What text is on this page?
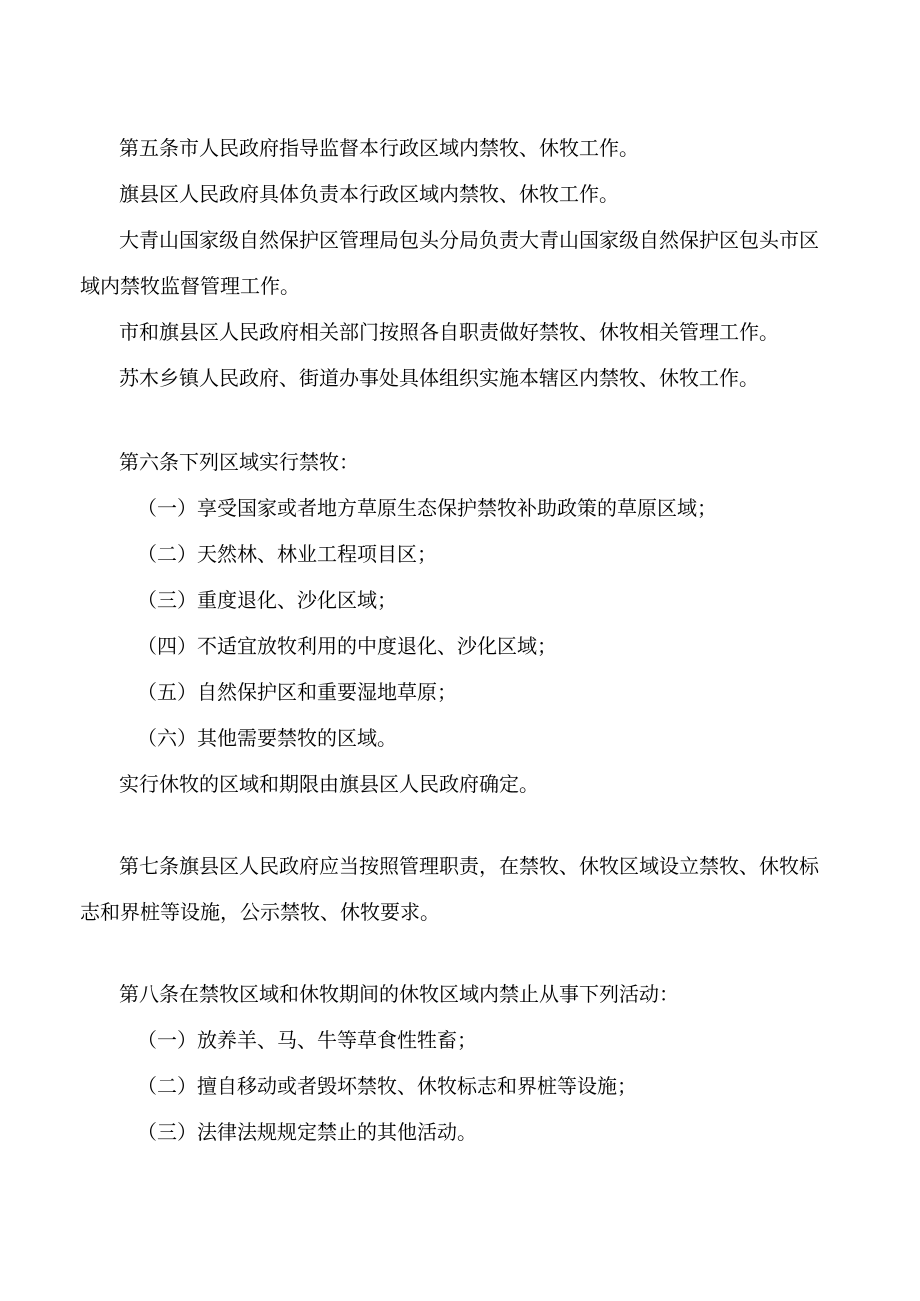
第五条市人民政府指导监督本行政区域内禁牧、休牧工作。
旗县区人民政府具体负责本行政区域内禁牧、休牧工作。
大青山国家级自然保护区管理局包头分局负责大青山国家级自然保护区包头市区
域内禁牧监督管理工作。
市和旗县区人民政府相关部门按照各自职责做好禁牧、休牧相关管理工作。
苏木乡镇人民政府、街道办事处具体组织实施本辖区内禁牧、休牧工作。
第六条下列区域实行禁牧：
（一）享受国家或者地方草原生态保护禁牧补助政策的草原区域；
（二）天然林、林业工程项目区；
（三）重度退化、沙化区域；
（四）不适宜放牧利用的中度退化、沙化区域；
（五）自然保护区和重要湿地草原；
（六）其他需要禁牧的区域。
实行休牧的区域和期限由旗县区人民政府确定。
第七条旗县区人民政府应当按照管理职责，在禁牧、休牧区域设立禁牧、休牧标
志和界桩等设施，公示禁牧、休牧要求。
第八条在禁牧区域和休牧期间的休牧区域内禁止从事下列活动：
（一）放养羊、马、牛等草食性牲畜；
（二）擅自移动或者毁坏禁牧、休牧标志和界桩等设施；
（三）法律法规规定禁止的其他活动。
